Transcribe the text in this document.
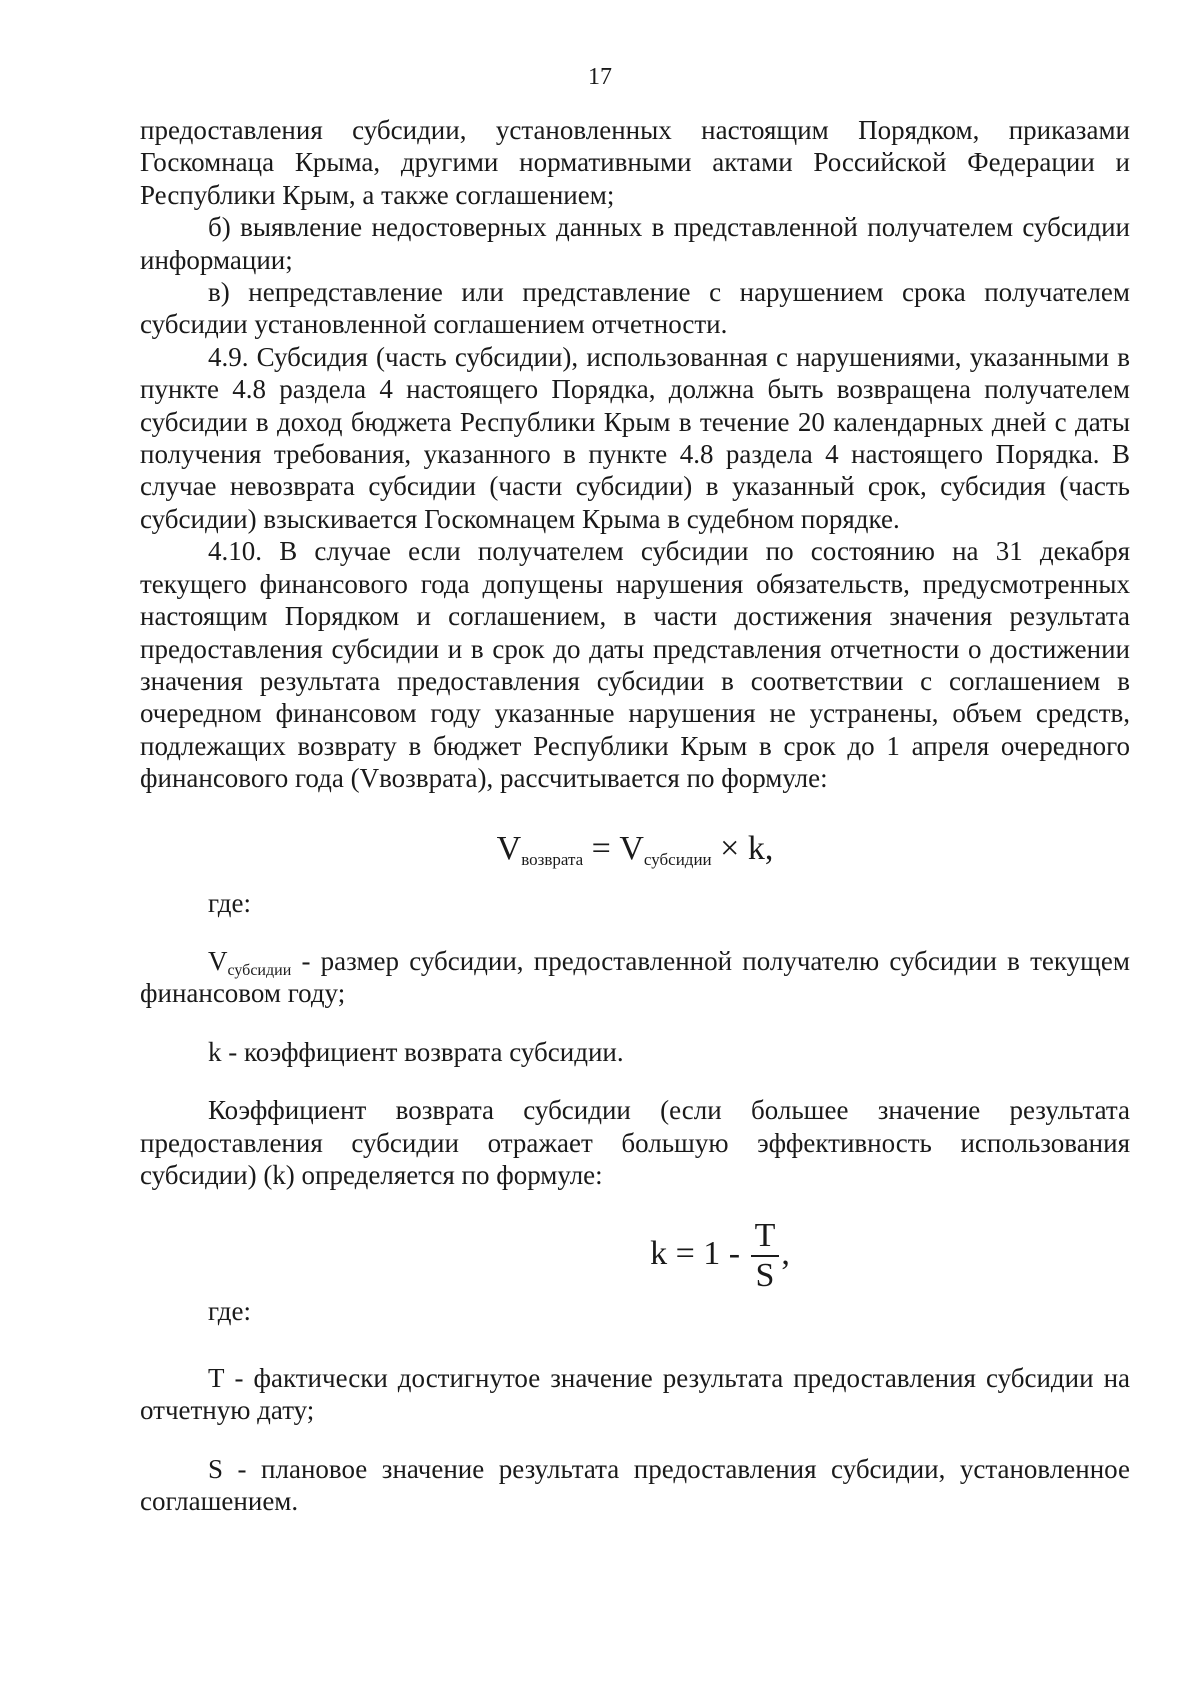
17

предоставления субсидии, установленных настоящим Порядком, приказами Госкомнаца Крыма, другими нормативными актами Российской Федерации и Республики Крым, а также соглашением;

б) выявление недостоверных данных в представленной получателем субсидии информации;

в) непредставление или представление с нарушением срока получателем субсидии установленной соглашением отчетности.

4.9. Субсидия (часть субсидии), использованная с нарушениями, указанными в пункте 4.8 раздела 4 настоящего Порядка, должна быть возвращена получателем субсидии в доход бюджета Республики Крым в течение 20 календарных дней с даты получения требования, указанного в пункте 4.8 раздела 4 настоящего Порядка. В случае невозврата субсидии (части субсидии) в указанный срок, субсидия (часть субсидии) взыскивается Госкомнацем Крыма в судебном порядке.

4.10. В случае если получателем субсидии по состоянию на 31 декабря текущего финансового года допущены нарушения обязательств, предусмотренных настоящим Порядком и соглашением, в части достижения значения результата предоставления субсидии и в срок до даты представления отчетности о достижении значения результата предоставления субсидии в соответствии с соглашением в очередном финансовом году указанные нарушения не устранены, объем средств, подлежащих возврату в бюджет Республики Крым в срок до 1 апреля очередного финансового года (Vвозврата), рассчитывается по формуле:

$V_{возврата} = V_{субсидии} \times k$,

где:

Vсубсидии - размер субсидии, предоставленной получателю субсидии в текущем финансовом году;

k - коэффициент возврата субсидии.

Коэффициент возврата субсидии (если большее значение результата предоставления субсидии отражает большую эффективность использования субсидии) (k) определяется по формуле:

$k = 1 - \frac{T}{S}$ ,

где:

Т - фактически достигнутое значение результата предоставления субсидии на отчетную дату;

S - плановое значение результата предоставления субсидии, установленное соглашением.
